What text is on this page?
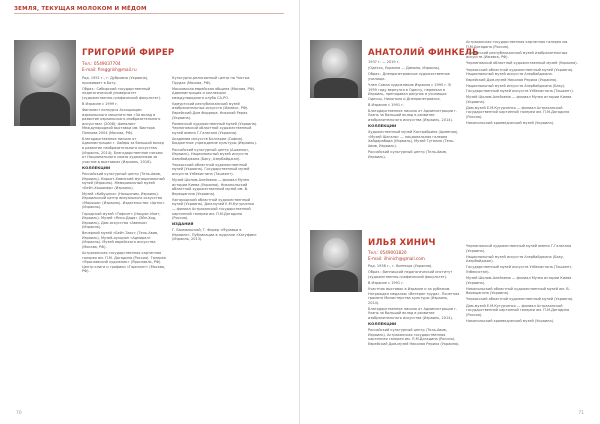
ЗЕМЛЯ, ТЕКУЩАЯ МОЛОКОМ И МЁДОМ
ГРИГОРИЙ ФИРЕР
Тел.: 0549037704
E-mail: fireggrish@mail.ru

Род. 1951 г., г. Дубровно (Украина), проживает в Бату.

Образ.: Сибирский государственный педагогический университет (художественно-графический факультет).

В Израиле с 1999 г.

Финалист конкурса Ассоциации израильского меценатства «За вклад в развитие израильского изобразительного искусства» (2008); финалист Международной выставки им. Виктора Попкова 2004 (Москва, РФ).

Благодарственное письмо от Администрации г. Хайфы за большой вклад в развитие изобразительного искусства (Израиль, 2014); Благодарственное письмо от Национального союза художников за участие в выставках (Израиль, 2016).

КОЛЛЕКЦИИ

Российский культурный центр (Тель-Авив, Израиль). Кирьят-Хаимский муниципальный музей (Израиль). Мемориальный музей «Бейт-Хашомер» (Израиль).

Музей «Кибуцник» (Нахшоним, Израиль). Израильский центр визуального искусства «Мороша» (Израиль). Издательство «Артис» (Израиль).

Городской музей «Тафнит» (Нацрат-Илит, Израиль). Музей «Янко-Дада» (Эйн-Ход, Израиль). Дом искусства «Авенью» (Израиль).

Вечерний музей «Бейт-Закс» (Тель-Авив, Израиль). Музей-аукцион «Адмирал» (Израиль). Музей еврейского искусства (Москва, РФ).

Астраханская государственная картинная галерея им. П.М. Догадина (Россия). Галерея «Ярославский художник» (Ярославль, РФ). Центр книги и графики «Горизонт» (Москва, РФ).

Культурно-религиозный центр на Чистых Прудах (Москва, РФ).

Московская еврейская община (Москва, РФ). Администрация и коллекции международного клуба СА-РО.

Удмуртский республиканский музей изобразительных искусств (Ижевск, РФ). Еврейский Дом Фиррера. Николай Рерих (Украина).

Роменский художественный музей (Украина). Черниговский областной художественный музей имени Г.Галагана (Украина).

Академия искусств Болгарии (София). Бюджетное учреждение культуры (Израиль).

Российский культурный центр (Ашкелон, Израиль). Национальный музей искусств Азербайджана (Баку, Азербайджан).

Черкасский областной художественный музей (Украина). Государственный музей искусств Узбекистана (Ташкент).

Музей Шолом-Алейхема — филиал Музея истории Киева (Украина). Никопольский областной художественный музей им. В. Верещагина (Украина).

Ужгородский областной художественный музей (Украина). Дом-музей Е.М.Кугурченко — филиал Астраханской государственной картинной галереи им. П.М.Догадина (Россия).

ИЗДАНИЯ

Г. Бахмальский, Г. Фирер «Муравьи в Израиле». Публикации в журнале «Хагуфим» (Израиль, 2013).

70
АНАТОЛИЙ ФИНКЕЛЬ

1937 г. — 2019 г.

(Одесса, Украина — Димона, Израиль).

Образ.: Днепропетровское художественное училище.

Член Союза художников Израиля с 1995 г. В 1959 году вернулся в Одессу, переехал в Израиль, преподавал рисунок в училищах Одессы, Никополя и Днепропетровска.

В Израиле с 1991 г.

Благодарственное письмо от Администрации г. Ухань за большой вклад в развитие изобразительного искусства (Израиль, 2014).

КОЛЛЕКЦИИ

Художественный музей Кастрабрина (Армения), «Музей Шагала» — национальная галерея Хайдарабада (Израиль), Музей Гутмана (Тель-Авив, Израиль).

Российский культурный центр (Тель-Авив, Израиль).

Астраханская государственная картинная галерея им. П.М.Догадина (Россия).

Удмуртский республиканский музей изобразительных искусств (Ижевск, РФ).

Черниговский областной художественный музей (Украина).

Черкасский областной художественный музей (Украина). Национальный музей искусств Азербайджана.

Еврейский Дом-музей Николая Рериха (Украина).

Национальный музей искусств Азербайджана (Баку). Государственный музей искусств Узбекистана (Ташкент).

Музей Шолом-Алейхема — филиал Музея истории Киева (Украина).

Дом-музей Е.М.Кугурченко — филиал Астраханской государственной картинной галереи им. П.М.Догадина (Россия).

Никопольский краеведческий музей (Украина).

ИЛЬЯ ХИНИЧ
Тел.: 0549001820
E-mail: ilhinich@gmail.com

Род. 1938 г., г. Винница (Украина).

Образ.: Винницкий педагогический институт (художественно-графический факультет).

В Израиле с 1991 г.

Участник выставок в Израиле и за рубежом. Награжден медалью «Ветеран труда». Почетная грамота Министерства культуры (Израиль, 2014).

Благодарственное письмо от Администрации г. Ухань за большой вклад в развитие изобразительного искусства (Израиль, 2014).

КОЛЛЕКЦИИ

Российский культурный центр (Тель-Авив, Израиль). Астраханская государственная картинная галерея им. П.М.Догадина (Россия). Еврейский Дом-музей Николая Рериха (Украина).

Черниговский художественный музей имени Г.Галагана (Украина).

Национальный музей искусств Азербайджана (Баку, Азербайджан).

Государственный музей искусств Узбекистана (Ташкент, Узбекистан).

Музей Шолом-Алейхема — филиал Музея истории Киева (Украина).

Никопольский областной художественный музей им. В. Верещагина (Украина).

Черкасский областной художественный музей (Украина).

Дом-музей Е.М.Кугурченко — филиал Астраханской государственной картинной галереи им. П.М.Догадина (Россия).

Никопольский краеведческий музей (Украина).

71
